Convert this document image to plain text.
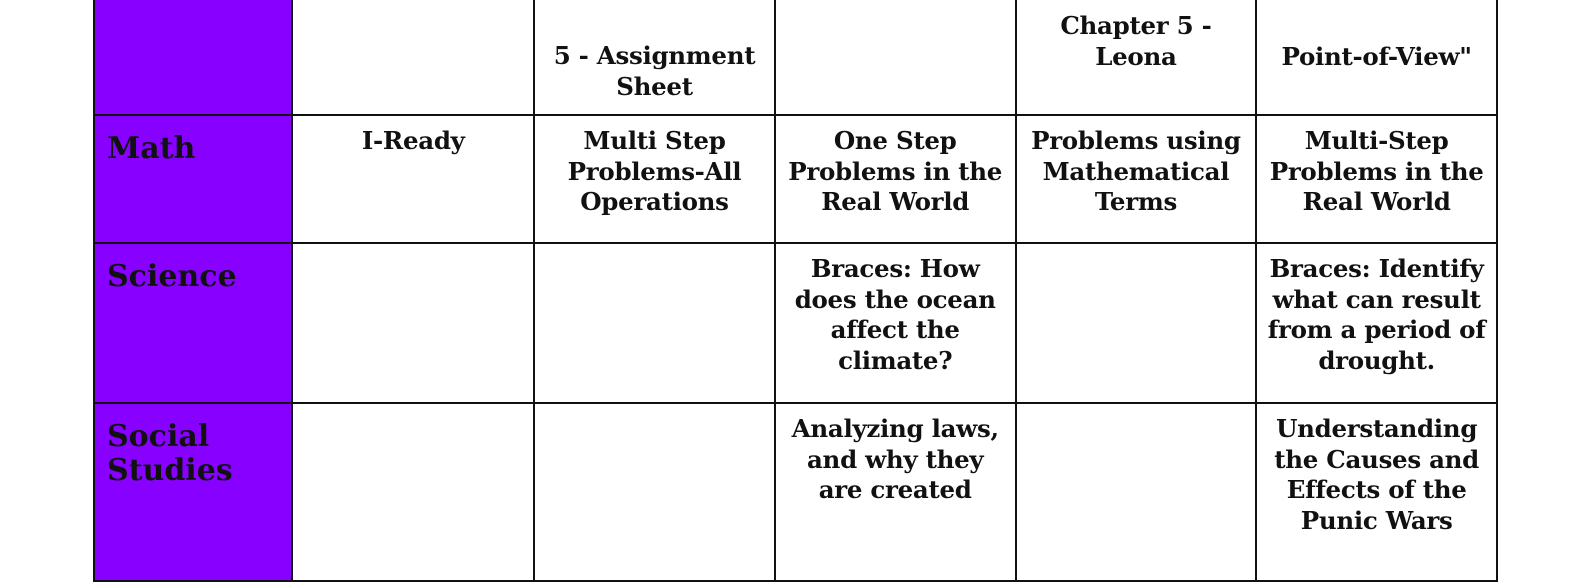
		5 - Assignment Sheet		Chapter 5 - Leona	Point-of-View"

Math	I-Ready	Multi Step Problems-All Operations	One Step Problems in the Real World	Problems using Mathematical Terms	Multi-Step Problems in the Real World

Science			Braces: How does the ocean affect the climate?		Braces: Identify what can result from a period of drought.

Social Studies			Analyzing laws, and why they are created		Understanding the Causes and Effects of the Punic Wars
